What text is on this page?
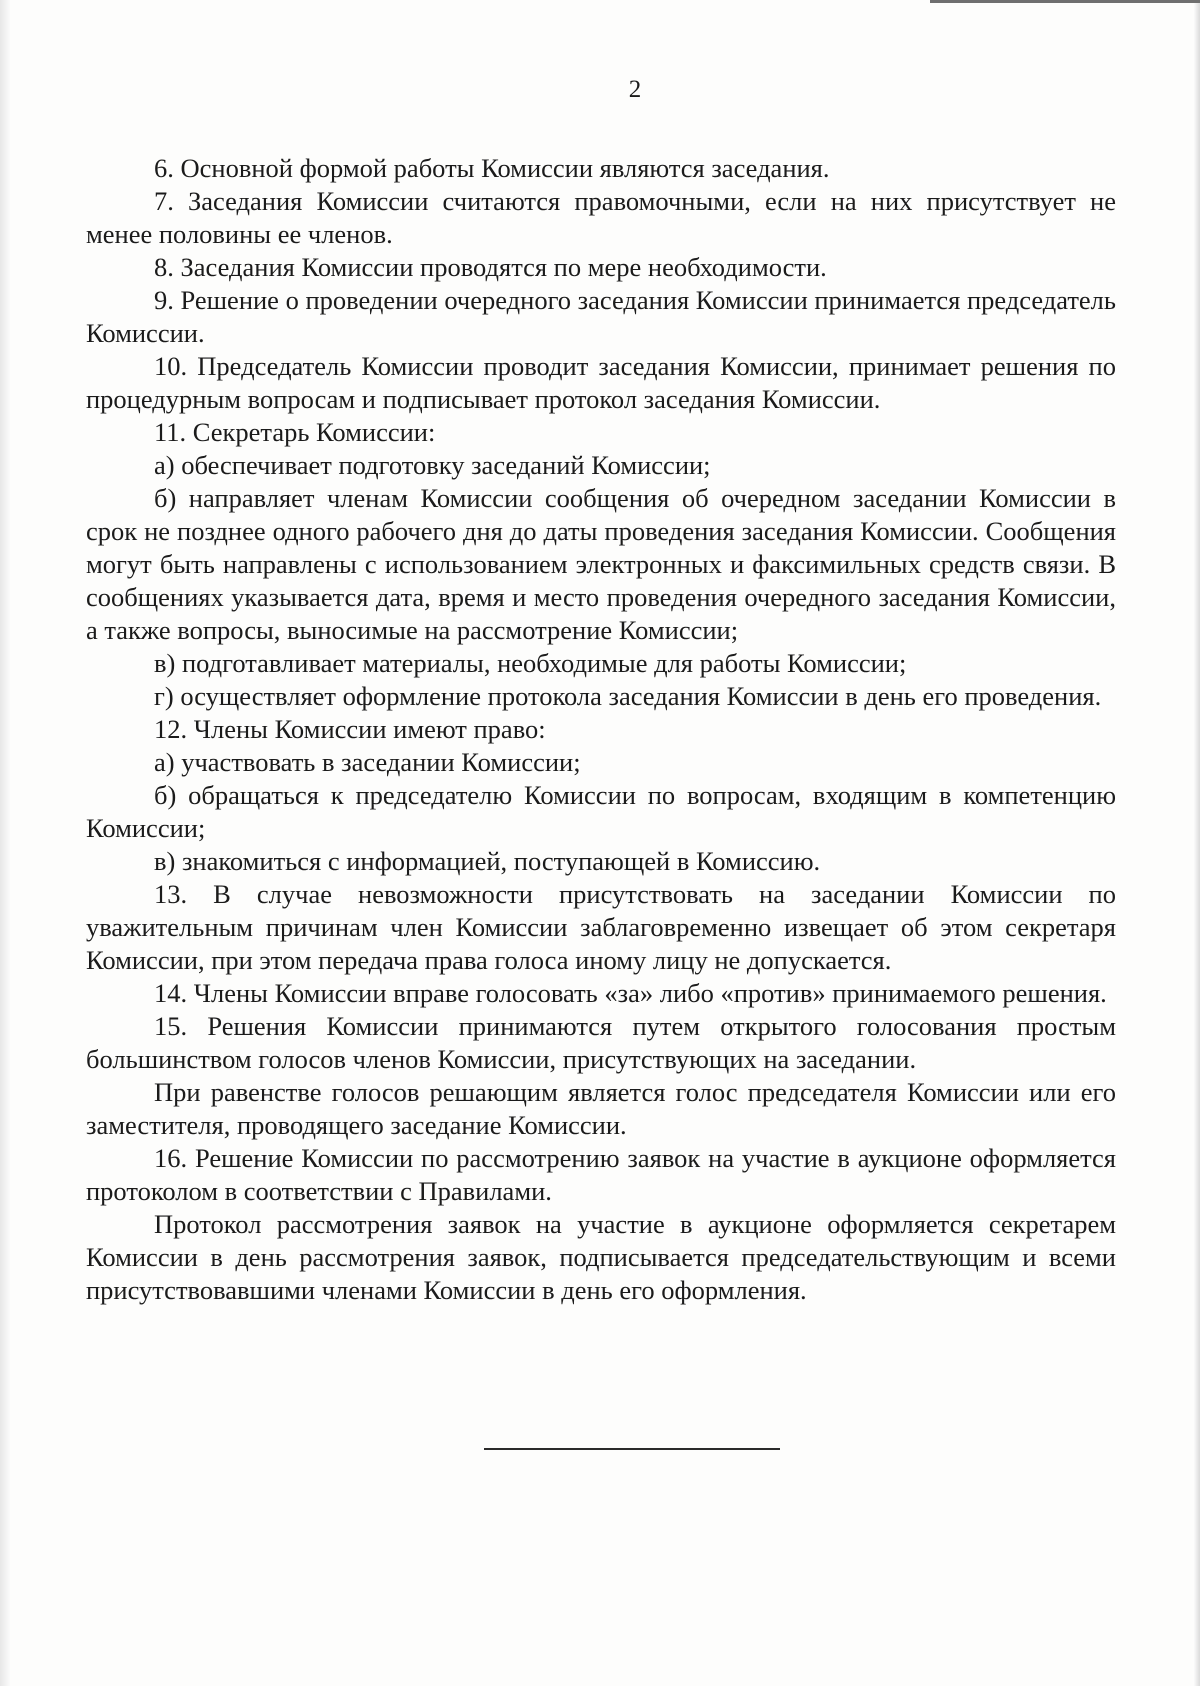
2

6. Основной формой работы Комиссии являются заседания.

7. Заседания Комиссии считаются правомочными, если на них присутствует не менее половины ее членов.

8. Заседания Комиссии проводятся по мере необходимости.

9. Решение о проведении очередного заседания Комиссии принимается председатель Комиссии.

10. Председатель Комиссии проводит заседания Комиссии, принимает решения по процедурным вопросам и подписывает протокол заседания Комиссии.

11. Секретарь Комиссии:

а) обеспечивает подготовку заседаний Комиссии;

б) направляет членам Комиссии сообщения об очередном заседании Комиссии в срок не позднее одного рабочего дня до даты проведения заседания Комиссии. Сообщения могут быть направлены с использованием электронных и факсимильных средств связи. В сообщениях указывается дата, время и место проведения очередного заседания Комиссии, а также вопросы, выносимые на рассмотрение Комиссии;

в) подготавливает материалы, необходимые для работы Комиссии;

г) осуществляет оформление протокола заседания Комиссии в день его проведения.

12. Члены Комиссии имеют право:

а) участвовать в заседании Комиссии;

б) обращаться к председателю Комиссии по вопросам, входящим в компетенцию Комиссии;

в) знакомиться с информацией, поступающей в Комиссию.

13. В случае невозможности присутствовать на заседании Комиссии по уважительным причинам член Комиссии заблаговременно извещает об этом секретаря Комиссии, при этом передача права голоса иному лицу не допускается.

14. Члены Комиссии вправе голосовать «за» либо «против» принимаемого решения.

15. Решения Комиссии принимаются путем открытого голосования простым большинством голосов членов Комиссии, присутствующих на заседании.

При равенстве голосов решающим является голос председателя Комиссии или его заместителя, проводящего заседание Комиссии.

16. Решение Комиссии по рассмотрению заявок на участие в аукционе оформляется протоколом в соответствии с Правилами.

Протокол рассмотрения заявок на участие в аукционе оформляется секретарем Комиссии в день рассмотрения заявок, подписывается председательствующим и всеми присутствовавшими членами Комиссии в день его оформления.
